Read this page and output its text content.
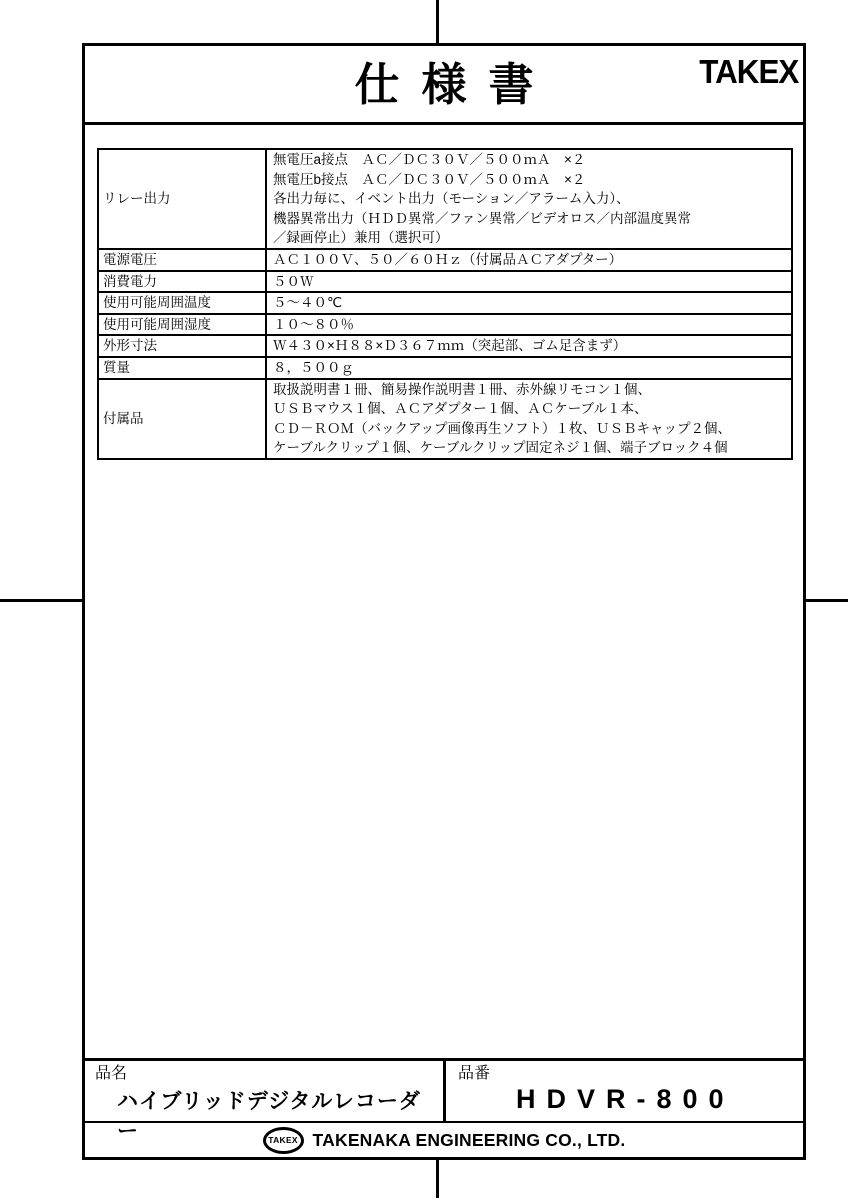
仕様書	TAKEX
リレー出力	無電圧a接点　ＡＣ／ＤＣ３０Ｖ／５００ｍＡ　×２
無電圧b接点　ＡＣ／ＤＣ３０Ｖ／５００ｍＡ　×２
各出力毎に、イベント出力（モーション／アラーム入力）、
機器異常出力（ＨＤＤ異常／ファン異常／ビデオロス／内部温度異常
／録画停止）兼用（選択可）

電源電圧	ＡＣ１００Ｖ、５０／６０Ｈｚ（付属品ＡＣアダプター）
消費電力	５０Ｗ
使用可能周囲温度	５～４０℃
使用可能周囲湿度	１０～８０％
外形寸法	Ｗ４３０×Ｈ８８×Ｄ３６７ｍｍ（突起部、ゴム足含まず）
質量	８，５００ｇ
付属品	取扱説明書１冊、簡易操作説明書１冊、赤外線リモコン１個、
ＵＳＢマウス１個、ＡＣアダプター１個、ＡＣケーブル１本、
ＣＤ－ＲＯＭ（バックアップ画像再生ソフト）１枚、ＵＳＢキャップ２個、
ケーブルクリップ１個、ケーブルクリップ固定ネジ１個、端子ブロック４個
品名
ハイブリッドデジタルレコーダー
品番
HDVR-800
TAKEX TAKENAKA ENGINEERING CO., LTD.
